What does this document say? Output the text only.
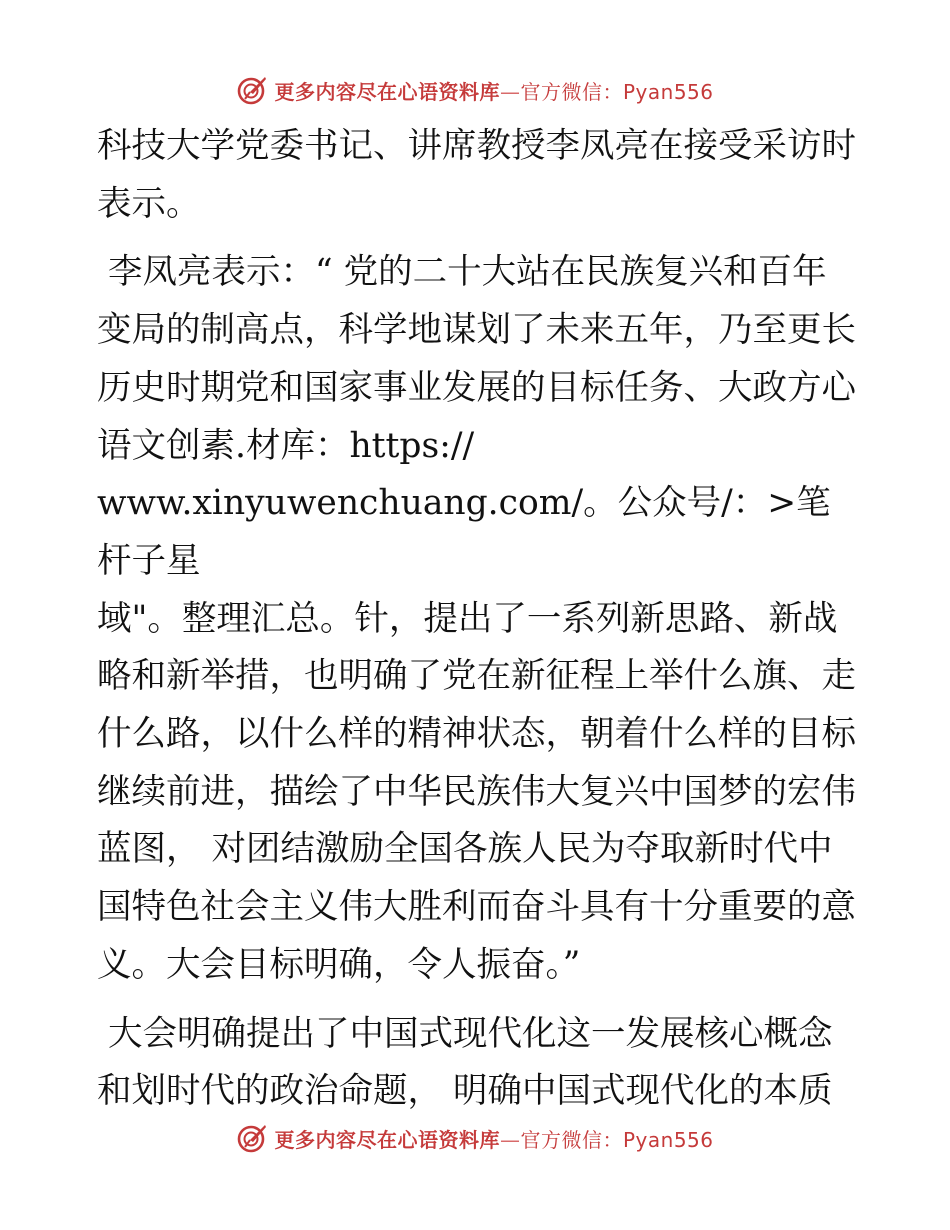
更多内容尽在心语资料库—官方微信：Pyan556

科技大学党委书记、讲席教授李凤亮在接受采访时
表示。

李凤亮表示：“ 党的二十大站在民族复兴和百年
变局的制高点，科学地谋划了未来五年，乃至更长
历史时期党和国家事业发展的目标任务、大政方心
语文创素.材库：https://
www.xinyuwenchuang.com/。公众号/：>笔杆子星
域"。整理汇总。针，提出了一系列新思路、新战
略和新举措，也明确了党在新征程上举什么旗、走
什么路，以什么样的精神状态，朝着什么样的目标
继续前进，描绘了中华民族伟大复兴中国梦的宏伟
蓝图， 对团结激励全国各族人民为夺取新时代中
国特色社会主义伟大胜利而奋斗具有十分重要的意
义。大会目标明确，令人振奋。”

大会明确提出了中国式现代化这一发展核心概念
和划时代的政治命题， 明确中国式现代化的本质

更多内容尽在心语资料库—官方微信：Pyan556
